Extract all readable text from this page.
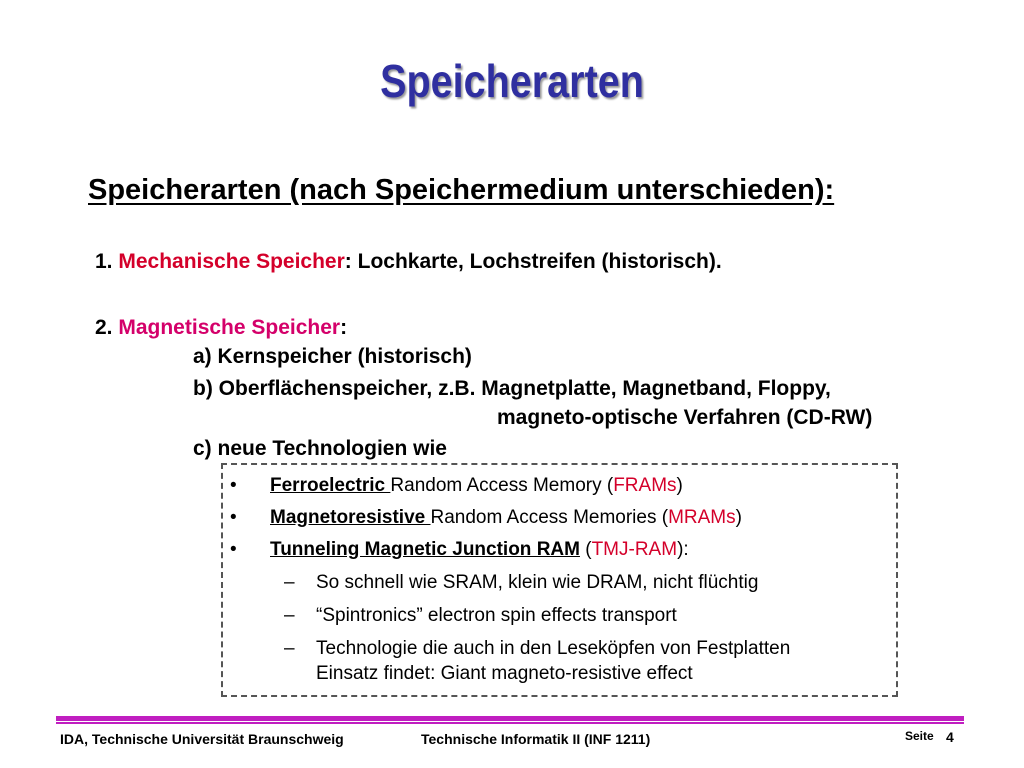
Speicherarten
Speicherarten (nach Speichermedium unterschieden):
1. Mechanische Speicher: Lochkarte, Lochstreifen (historisch).
2. Magnetische Speicher:
a) Kernspeicher (historisch)
b) Oberflächenspeicher, z.B. Magnetplatte, Magnetband, Floppy,
magneto-optische Verfahren (CD-RW)
c) neue Technologien wie
• Ferroelectric Random Access Memory (FRAMs)
• Magnetoresistive Random Access Memories (MRAMs)
• Tunneling Magnetic Junction RAM (TMJ-RAM):
– So schnell wie SRAM, klein wie DRAM, nicht flüchtig
– “Spintronics” electron spin effects transport
– Technologie die auch in den Leseköpfen von Festplatten
Einsatz findet: Giant magneto-resistive effect
IDA, Technische Universität Braunschweig	Technische Informatik II (INF 1211)	Seite 4
